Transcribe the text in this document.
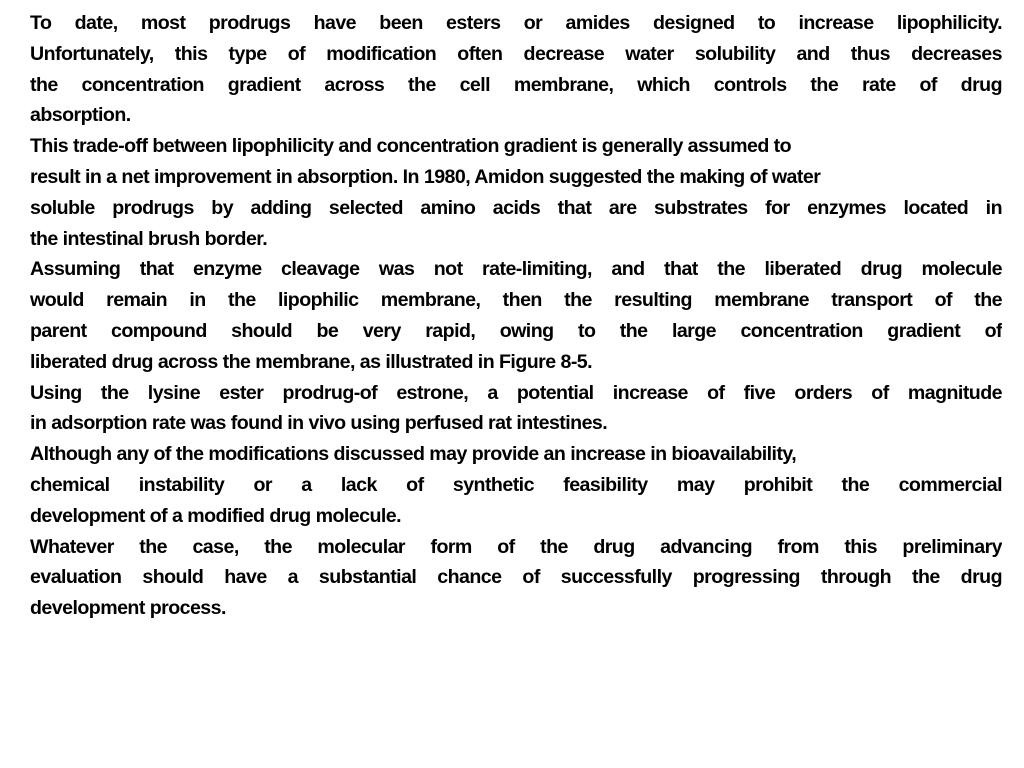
To date, most prodrugs have been esters or amides designed to increase lipophilicity.
Unfortunately, this type of modification often decrease water solubility and thus decreases
the concentration gradient across the cell membrane, which controls the rate of drug
absorption.
This trade-off between lipophilicity and concentration gradient is generally assumed to
result in a net improvement in absorption. In 1980, Amidon suggested the making of water
soluble prodrugs by adding selected amino acids that are substrates for enzymes located in
the intestinal brush border.
Assuming that enzyme cleavage was not rate-limiting, and that the liberated drug molecule
would remain in the lipophilic membrane, then the resulting membrane transport of the
parent compound should be very rapid, owing to the large concentration gradient of
liberated drug across the membrane, as illustrated in Figure 8-5.
Using the lysine ester prodrug-of estrone, a potential increase of five orders of magnitude
in adsorption rate was found in vivo using perfused rat intestines.
Although any of the modifications discussed may provide an increase in bioavailability,
chemical instability or a lack of synthetic feasibility may prohibit the commercial
development of a modified drug molecule.
Whatever the case, the molecular form of the drug advancing from this preliminary
evaluation should have a substantial chance of successfully progressing through the drug
development process.
